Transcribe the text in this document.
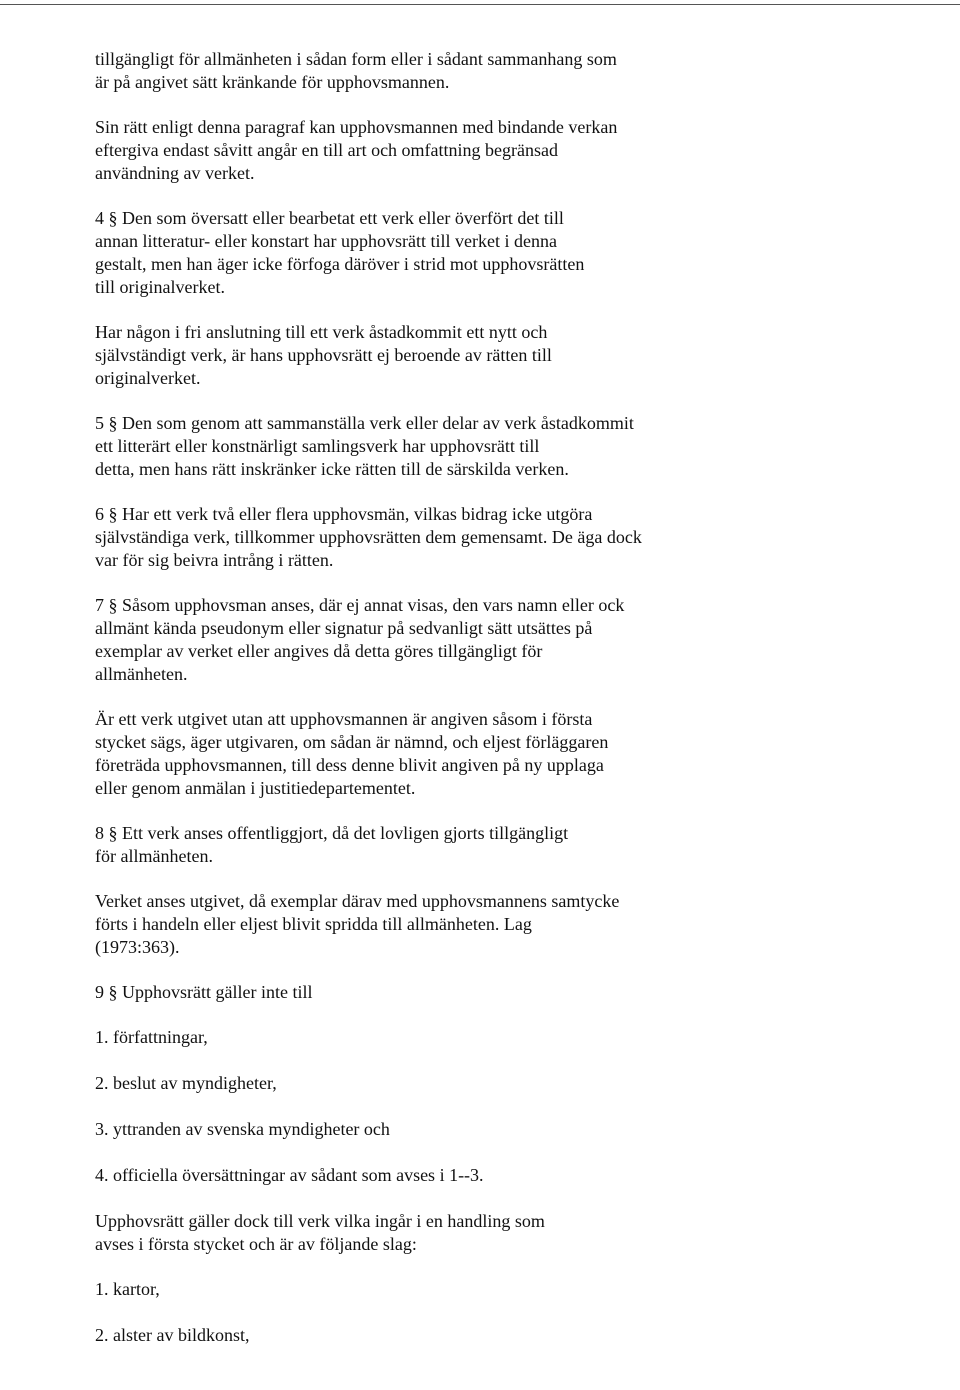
tillgängligt för allmänheten i sådan form eller i sådant sammanhang som
är på angivet sätt kränkande för upphovsmannen.
Sin rätt enligt denna paragraf kan upphovsmannen med bindande verkan
eftergiva endast såvitt angår en till art och omfattning begränsad
användning av verket.
4 § Den som översatt eller bearbetat ett verk eller överfört det till
annan litteratur- eller konstart har upphovsrätt till verket i denna
gestalt, men han äger icke förfoga däröver i strid mot upphovsrätten
till originalverket.
Har någon i fri anslutning till ett verk åstadkommit ett nytt och
självständigt verk, är hans upphovsrätt ej beroende av rätten till
originalverket.
5 § Den som genom att sammanställa verk eller delar av verk åstadkommit
ett litterärt eller konstnärligt samlingsverk har upphovsrätt till
detta, men hans rätt inskränker icke rätten till de särskilda verken.
6 § Har ett verk två eller flera upphovsmän, vilkas bidrag icke utgöra
självständiga verk, tillkommer upphovsrätten dem gemensamt. De äga dock
var för sig beivra intrång i rätten.
7 § Såsom upphovsman anses, där ej annat visas, den vars namn eller ock
allmänt kända pseudonym eller signatur på sedvanligt sätt utsättes på
exemplar av verket eller angives då detta göres tillgängligt för
allmänheten.
Är ett verk utgivet utan att upphovsmannen är angiven såsom i första
stycket sägs, äger utgivaren, om sådan är nämnd, och eljest förläggaren
företräda upphovsmannen, till dess denne blivit angiven på ny upplaga
eller genom anmälan i justitiedepartementet.
8 § Ett verk anses offentliggjort, då det lovligen gjorts tillgängligt
för allmänheten.
Verket anses utgivet, då exemplar därav med upphovsmannens samtycke
förts i handeln eller eljest blivit spridda till allmänheten. Lag
(1973:363).
9 § Upphovsrätt gäller inte till
1. författningar,
2. beslut av myndigheter,
3. yttranden av svenska myndigheter och
4. officiella översättningar av sådant som avses i 1--3.
Upphovsrätt gäller dock till verk vilka ingår i en handling som
avses i första stycket och är av följande slag:
1. kartor,
2. alster av bildkonst,
